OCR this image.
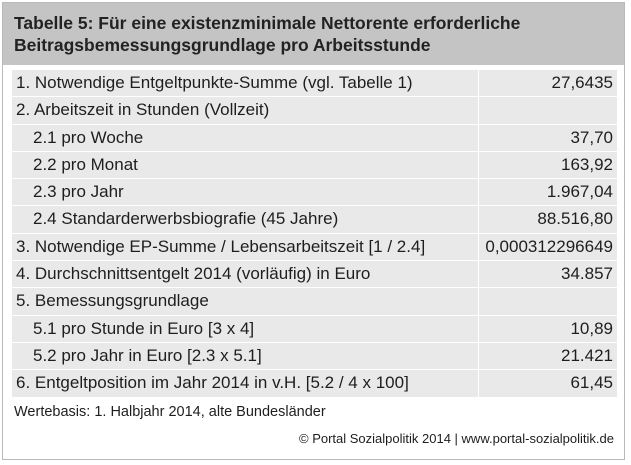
Tabelle 5: Für eine existenzminimale Nettorente erforderliche
Beitragsbemessungsgrundlage pro Arbeitsstunde
1. Notwendige Entgeltpunkte-Summe (vgl. Tabelle 1)	27,6435
2. Arbeitszeit in Stunden (Vollzeit)
2.1 pro Woche	37,70
2.2 pro Monat	163,92
2.3 pro Jahr	1.967,04
2.4 Standarderwerbsbiografie (45 Jahre)	88.516,80
3. Notwendige EP-Summe / Lebensarbeitszeit [1 / 2.4]	0,000312296649
4. Durchschnittsentgelt 2014 (vorläufig) in Euro	34.857
5. Bemessungsgrundlage
5.1 pro Stunde in Euro [3 x 4]	10,89
5.2 pro Jahr in Euro [2.3 x 5.1]	21.421
6. Entgeltposition im Jahr 2014 in v.H. [5.2 / 4 x 100]	61,45
Wertebasis: 1. Halbjahr 2014, alte Bundesländer
© Portal Sozialpolitik 2014 | www.portal-sozialpolitik.de
